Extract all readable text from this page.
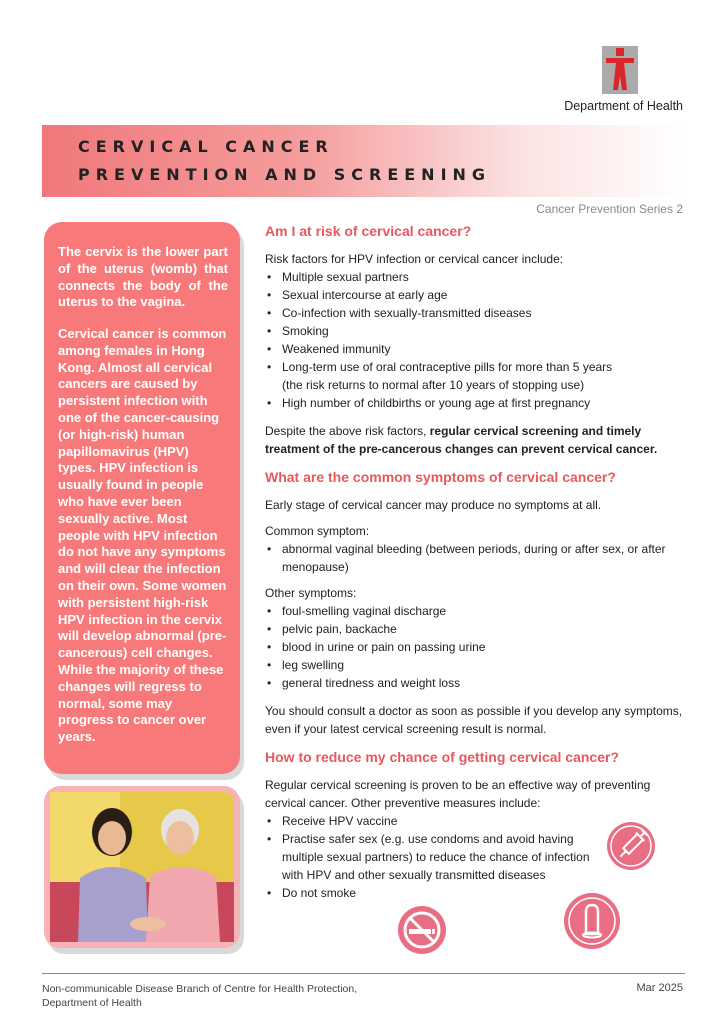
Department of Health
CERVICAL CANCER
PREVENTION AND SCREENING
Cancer Prevention Series 2

The cervix is the lower part of the uterus (womb) that connects the body of the uterus to the vagina.

Cervical cancer is common among females in Hong Kong. Almost all cervical cancers are caused by persistent infection with one of the cancer-causing (or high-risk) human papillomavirus (HPV) types. HPV infection is usually found in people who have ever been sexually active. Most people with HPV infection do not have any symptoms and will clear the infection on their own. Some women with persistent high-risk HPV infection in the cervix will develop abnormal (pre-cancerous) cell changes. While the majority of these changes will regress to normal, some may progress to cancer over years.

Am I at risk of cervical cancer?

Risk factors for HPV infection or cervical cancer include:

• Multiple sexual partners
• Sexual intercourse at early age
• Co-infection with sexually-transmitted diseases
• Smoking
• Weakened immunity
• Long-term use of oral contraceptive pills for more than 5 years
(the risk returns to normal after 10 years of stopping use)
• High number of childbirths or young age at first pregnancy

Despite the above risk factors, regular cervical screening and timely treatment of the pre-cancerous changes can prevent cervical cancer.

What are the common symptoms of cervical cancer?

Early stage of cervical cancer may produce no symptoms at all.

Common symptom:

• abnormal vaginal bleeding (between periods, during or after sex, or after menopause)

Other symptoms:

• foul-smelling vaginal discharge
• pelvic pain, backache
• blood in urine or pain on passing urine
• leg swelling
• general tiredness and weight loss

You should consult a doctor as soon as possible if you develop any symptoms, even if your latest cervical screening result is normal.

How to reduce my chance of getting cervical cancer?

Regular cervical screening is proven to be an effective way of preventing cervical cancer. Other preventive measures include:

• Receive HPV vaccine
• Practise safer sex (e.g. use condoms and avoid having
multiple sexual partners) to reduce the chance of infection
with HPV and other sexually transmitted diseases
• Do not smoke
Non-communicable Disease Branch of Centre for Health Protection,
Department of Health
Mar 2025
